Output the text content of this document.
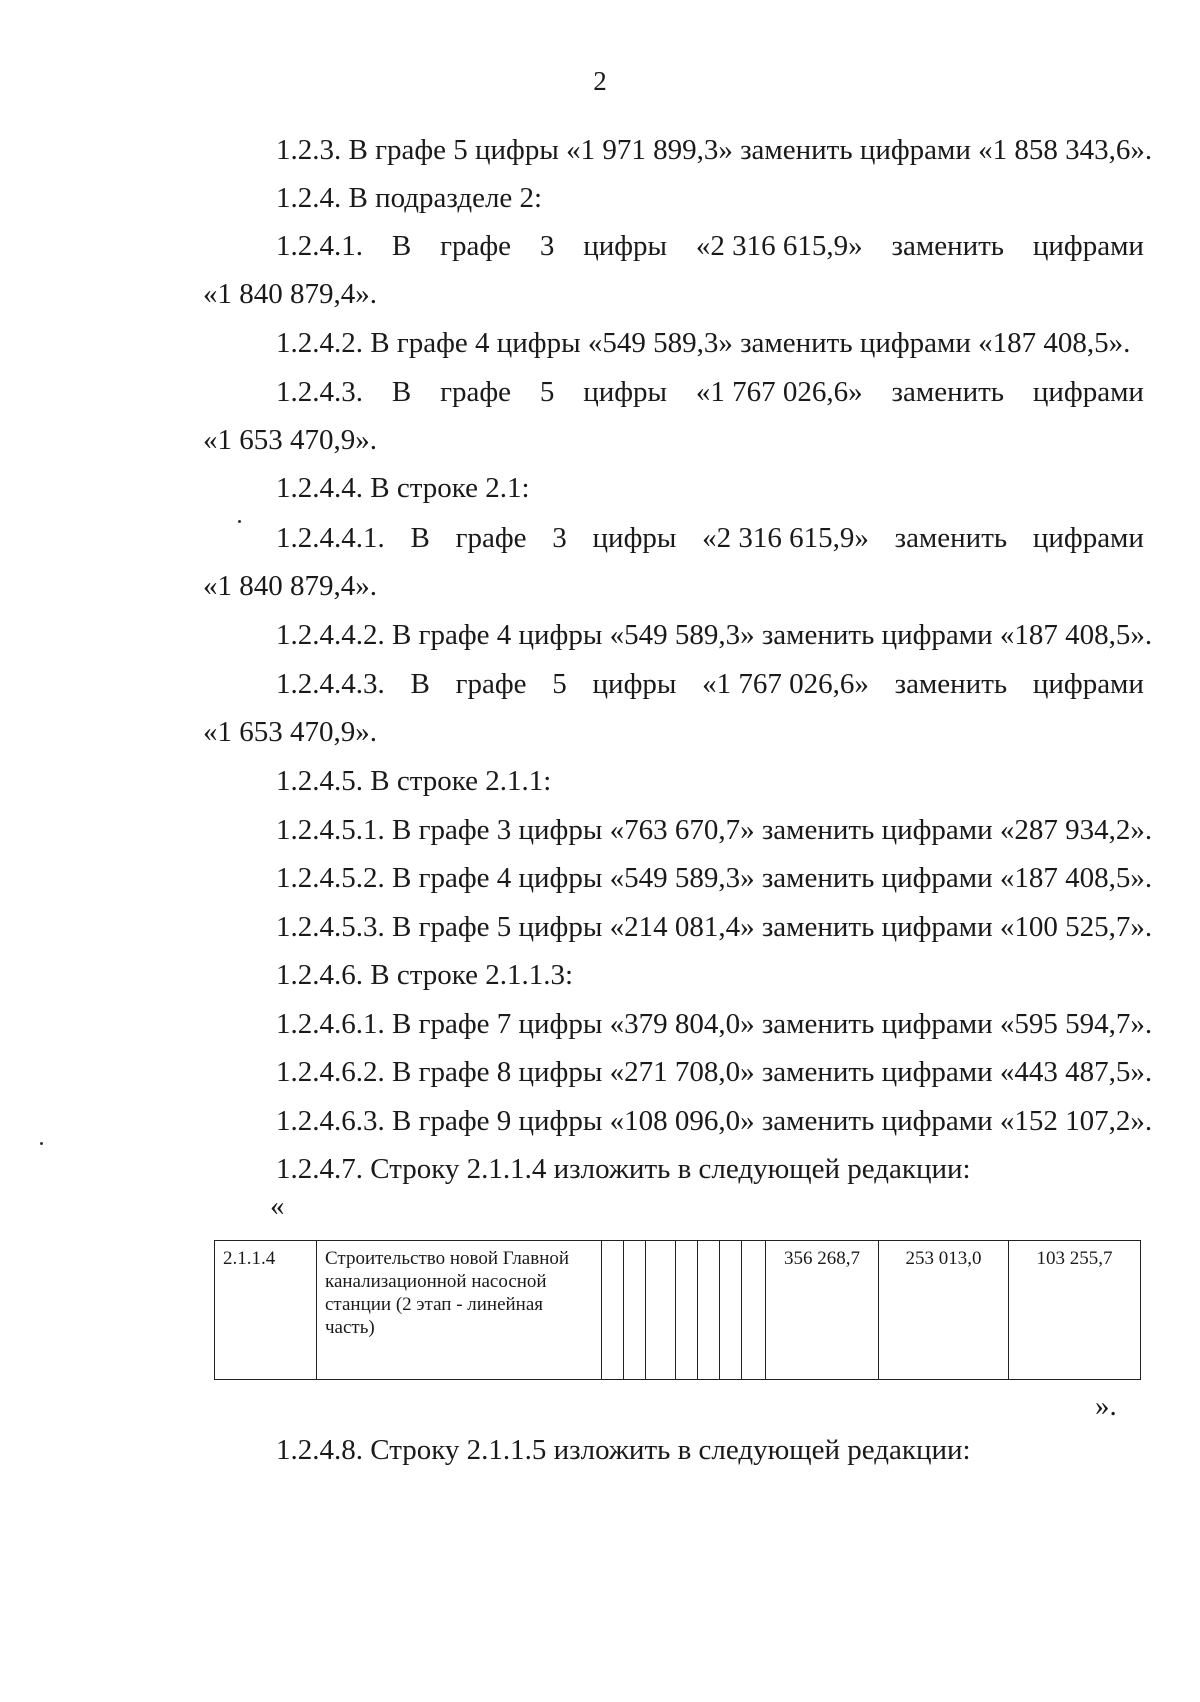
2
1.2.3. В графе 5 цифры «1 971 899,3» заменить цифрами «1 858 343,6».
1.2.4. В подразделе 2:
1.2.4.1. В графе 3 цифры «2 316 615,9» заменить цифрами
«1 840 879,4».
1.2.4.2. В графе 4 цифры «549 589,3» заменить цифрами «187 408,5».
1.2.4.3. В графе 5 цифры «1 767 026,6» заменить цифрами
«1 653 470,9».
1.2.4.4. В строке 2.1:
1.2.4.4.1. В графе 3 цифры «2 316 615,9» заменить цифрами
«1 840 879,4».
1.2.4.4.2. В графе 4 цифры «549 589,3» заменить цифрами «187 408,5».
1.2.4.4.3. В графе 5 цифры «1 767 026,6» заменить цифрами
«1 653 470,9».
1.2.4.5. В строке 2.1.1:
1.2.4.5.1. В графе 3 цифры «763 670,7» заменить цифрами «287 934,2».
1.2.4.5.2. В графе 4 цифры «549 589,3» заменить цифрами «187 408,5».
1.2.4.5.3. В графе 5 цифры «214 081,4» заменить цифрами «100 525,7».
1.2.4.6. В строке 2.1.1.3:
1.2.4.6.1. В графе 7 цифры «379 804,0» заменить цифрами «595 594,7».
1.2.4.6.2. В графе 8 цифры «271 708,0» заменить цифрами «443 487,5».
1.2.4.6.3. В графе 9 цифры «108 096,0» заменить цифрами «152 107,2».
1.2.4.7. Строку 2.1.1.4 изложить в следующей редакции:
«
2.1.1.4	Строительство новой Главной канализационной насосной станции (2 этап - линейная часть)								356 268,7	253 013,0	103 255,7
».
1.2.4.8. Строку 2.1.1.5 изложить в следующей редакции:
